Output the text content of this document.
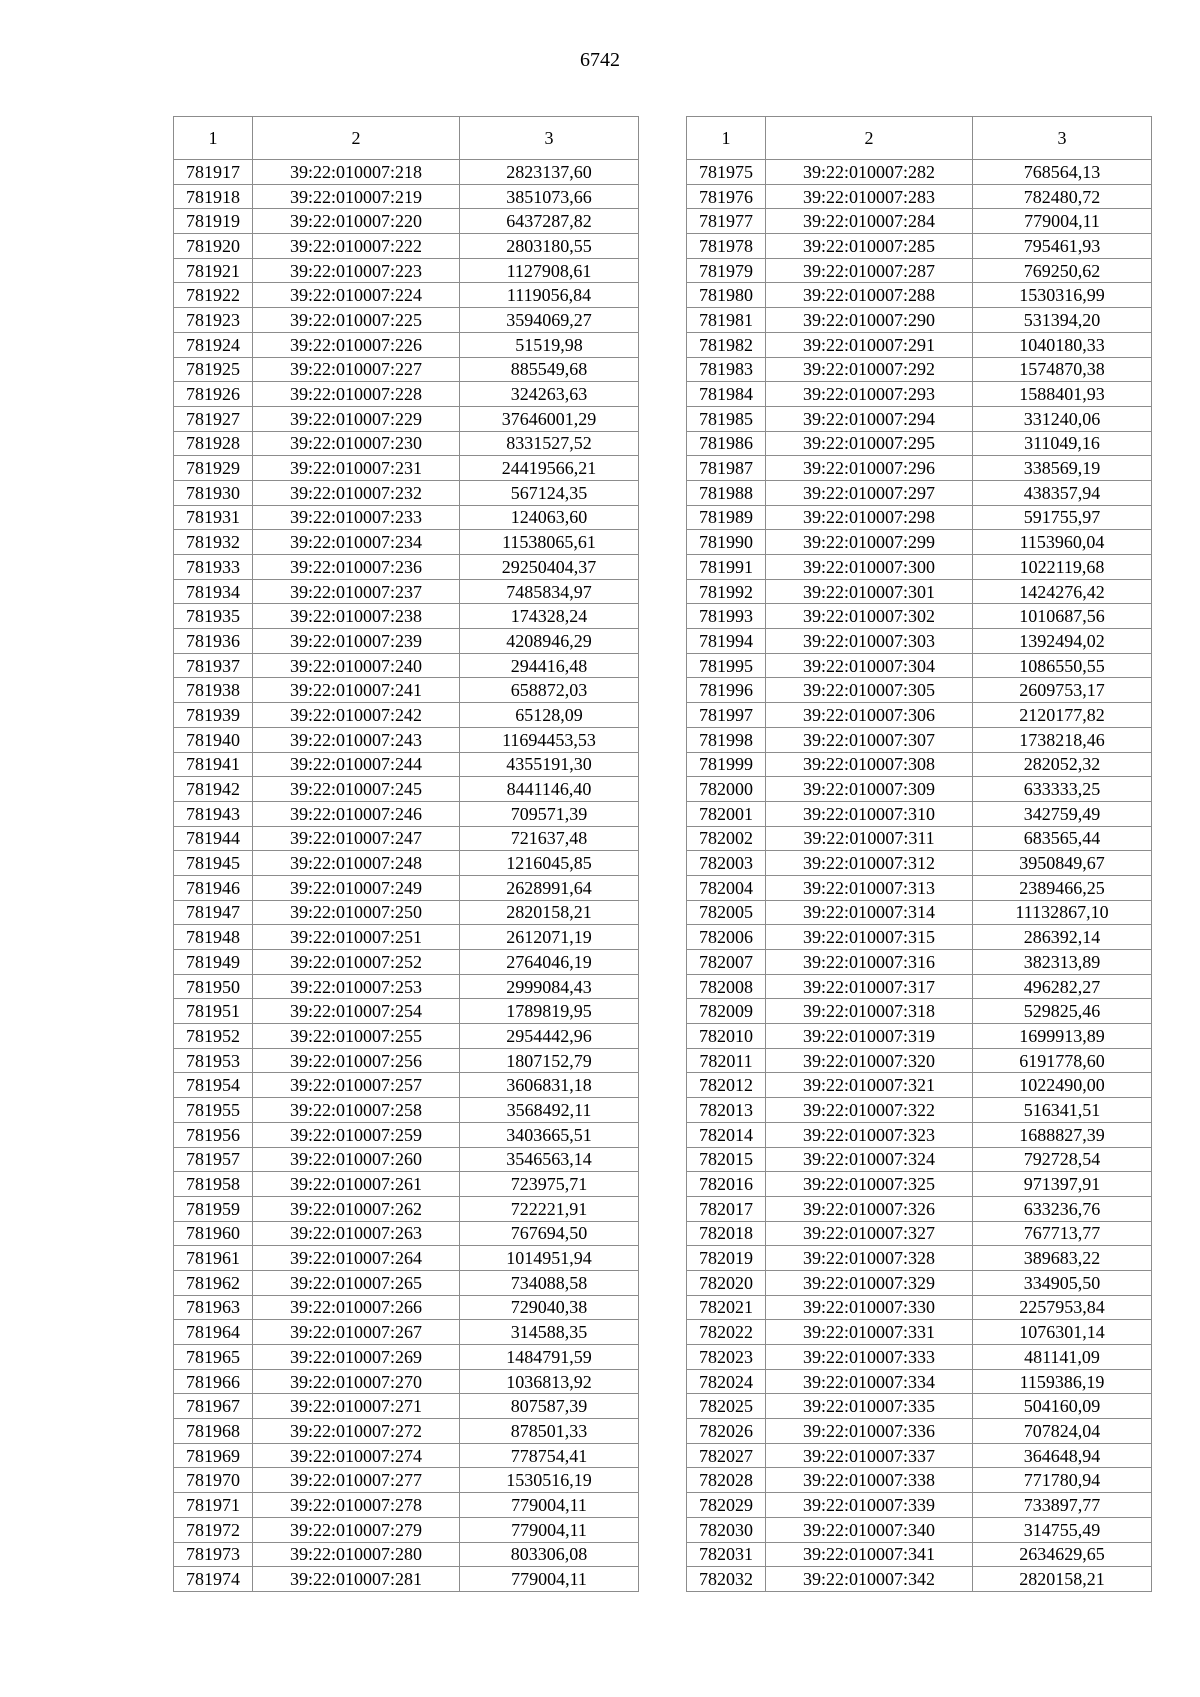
6742
1	2	3
781917	39:22:010007:218	2823137,60
781918	39:22:010007:219	3851073,66
781919	39:22:010007:220	6437287,82
781920	39:22:010007:222	2803180,55
781921	39:22:010007:223	1127908,61
781922	39:22:010007:224	1119056,84
781923	39:22:010007:225	3594069,27
781924	39:22:010007:226	51519,98
781925	39:22:010007:227	885549,68
781926	39:22:010007:228	324263,63
781927	39:22:010007:229	37646001,29
781928	39:22:010007:230	8331527,52
781929	39:22:010007:231	24419566,21
781930	39:22:010007:232	567124,35
781931	39:22:010007:233	124063,60
781932	39:22:010007:234	11538065,61
781933	39:22:010007:236	29250404,37
781934	39:22:010007:237	7485834,97
781935	39:22:010007:238	174328,24
781936	39:22:010007:239	4208946,29
781937	39:22:010007:240	294416,48
781938	39:22:010007:241	658872,03
781939	39:22:010007:242	65128,09
781940	39:22:010007:243	11694453,53
781941	39:22:010007:244	4355191,30
781942	39:22:010007:245	8441146,40
781943	39:22:010007:246	709571,39
781944	39:22:010007:247	721637,48
781945	39:22:010007:248	1216045,85
781946	39:22:010007:249	2628991,64
781947	39:22:010007:250	2820158,21
781948	39:22:010007:251	2612071,19
781949	39:22:010007:252	2764046,19
781950	39:22:010007:253	2999084,43
781951	39:22:010007:254	1789819,95
781952	39:22:010007:255	2954442,96
781953	39:22:010007:256	1807152,79
781954	39:22:010007:257	3606831,18
781955	39:22:010007:258	3568492,11
781956	39:22:010007:259	3403665,51
781957	39:22:010007:260	3546563,14
781958	39:22:010007:261	723975,71
781959	39:22:010007:262	722221,91
781960	39:22:010007:263	767694,50
781961	39:22:010007:264	1014951,94
781962	39:22:010007:265	734088,58
781963	39:22:010007:266	729040,38
781964	39:22:010007:267	314588,35
781965	39:22:010007:269	1484791,59
781966	39:22:010007:270	1036813,92
781967	39:22:010007:271	807587,39
781968	39:22:010007:272	878501,33
781969	39:22:010007:274	778754,41
781970	39:22:010007:277	1530516,19
781971	39:22:010007:278	779004,11
781972	39:22:010007:279	779004,11
781973	39:22:010007:280	803306,08
781974	39:22:010007:281	779004,11
1	2	3
781975	39:22:010007:282	768564,13
781976	39:22:010007:283	782480,72
781977	39:22:010007:284	779004,11
781978	39:22:010007:285	795461,93
781979	39:22:010007:287	769250,62
781980	39:22:010007:288	1530316,99
781981	39:22:010007:290	531394,20
781982	39:22:010007:291	1040180,33
781983	39:22:010007:292	1574870,38
781984	39:22:010007:293	1588401,93
781985	39:22:010007:294	331240,06
781986	39:22:010007:295	311049,16
781987	39:22:010007:296	338569,19
781988	39:22:010007:297	438357,94
781989	39:22:010007:298	591755,97
781990	39:22:010007:299	1153960,04
781991	39:22:010007:300	1022119,68
781992	39:22:010007:301	1424276,42
781993	39:22:010007:302	1010687,56
781994	39:22:010007:303	1392494,02
781995	39:22:010007:304	1086550,55
781996	39:22:010007:305	2609753,17
781997	39:22:010007:306	2120177,82
781998	39:22:010007:307	1738218,46
781999	39:22:010007:308	282052,32
782000	39:22:010007:309	633333,25
782001	39:22:010007:310	342759,49
782002	39:22:010007:311	683565,44
782003	39:22:010007:312	3950849,67
782004	39:22:010007:313	2389466,25
782005	39:22:010007:314	11132867,10
782006	39:22:010007:315	286392,14
782007	39:22:010007:316	382313,89
782008	39:22:010007:317	496282,27
782009	39:22:010007:318	529825,46
782010	39:22:010007:319	1699913,89
782011	39:22:010007:320	6191778,60
782012	39:22:010007:321	1022490,00
782013	39:22:010007:322	516341,51
782014	39:22:010007:323	1688827,39
782015	39:22:010007:324	792728,54
782016	39:22:010007:325	971397,91
782017	39:22:010007:326	633236,76
782018	39:22:010007:327	767713,77
782019	39:22:010007:328	389683,22
782020	39:22:010007:329	334905,50
782021	39:22:010007:330	2257953,84
782022	39:22:010007:331	1076301,14
782023	39:22:010007:333	481141,09
782024	39:22:010007:334	1159386,19
782025	39:22:010007:335	504160,09
782026	39:22:010007:336	707824,04
782027	39:22:010007:337	364648,94
782028	39:22:010007:338	771780,94
782029	39:22:010007:339	733897,77
782030	39:22:010007:340	314755,49
782031	39:22:010007:341	2634629,65
782032	39:22:010007:342	2820158,21
